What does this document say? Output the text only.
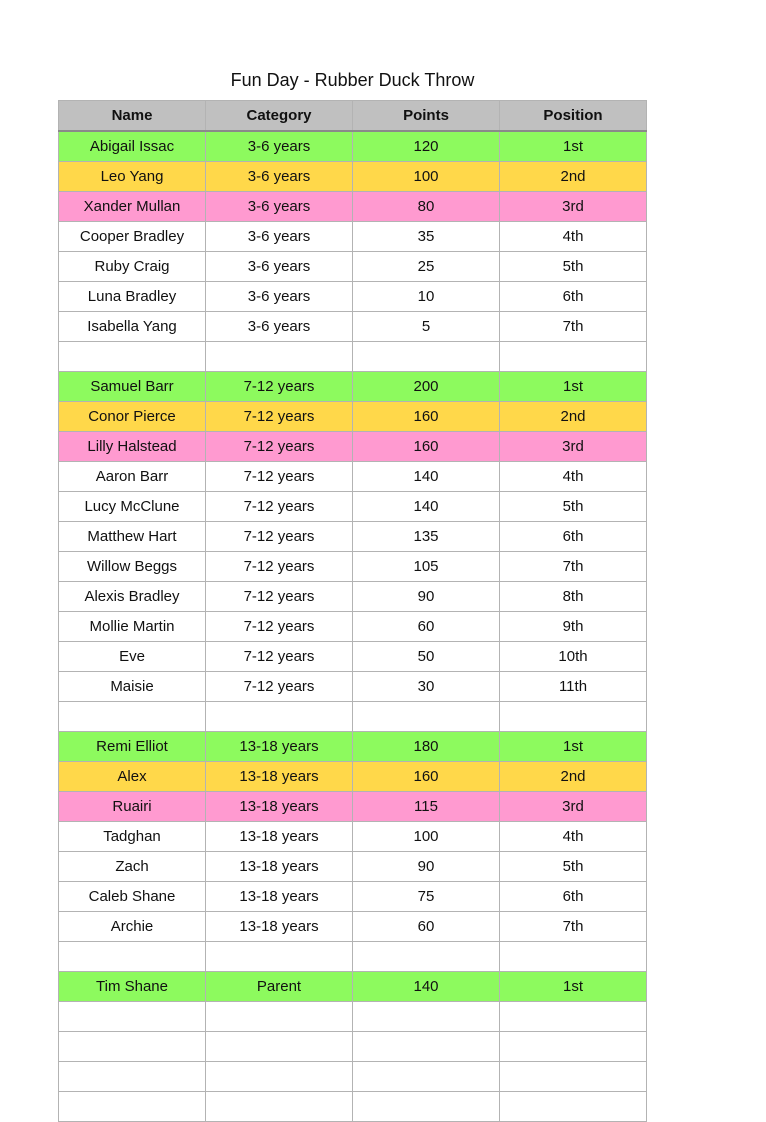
Fun Day - Rubber Duck Throw
Name	Category	Points	Position
Abigail Issac	3-6 years	120	1st
Leo Yang	3-6 years	100	2nd
Xander Mullan	3-6 years	80	3rd
Cooper Bradley	3-6 years	35	4th
Ruby Craig	3-6 years	25	5th
Luna Bradley	3-6 years	10	6th
Isabella Yang	3-6 years	5	7th

Samuel Barr	7-12 years	200	1st
Conor Pierce	7-12 years	160	2nd
Lilly Halstead	7-12 years	160	3rd
Aaron Barr	7-12 years	140	4th
Lucy McClune	7-12 years	140	5th
Matthew Hart	7-12 years	135	6th
Willow Beggs	7-12 years	105	7th
Alexis Bradley	7-12 years	90	8th
Mollie Martin	7-12 years	60	9th
Eve	7-12 years	50	10th
Maisie	7-12 years	30	11th

Remi Elliot	13-18 years	180	1st
Alex	13-18 years	160	2nd
Ruairi	13-18 years	115	3rd
Tadghan	13-18 years	100	4th
Zach	13-18 years	90	5th
Caleb Shane	13-18 years	75	6th
Archie	13-18 years	60	7th

Tim Shane	Parent	140	1st
